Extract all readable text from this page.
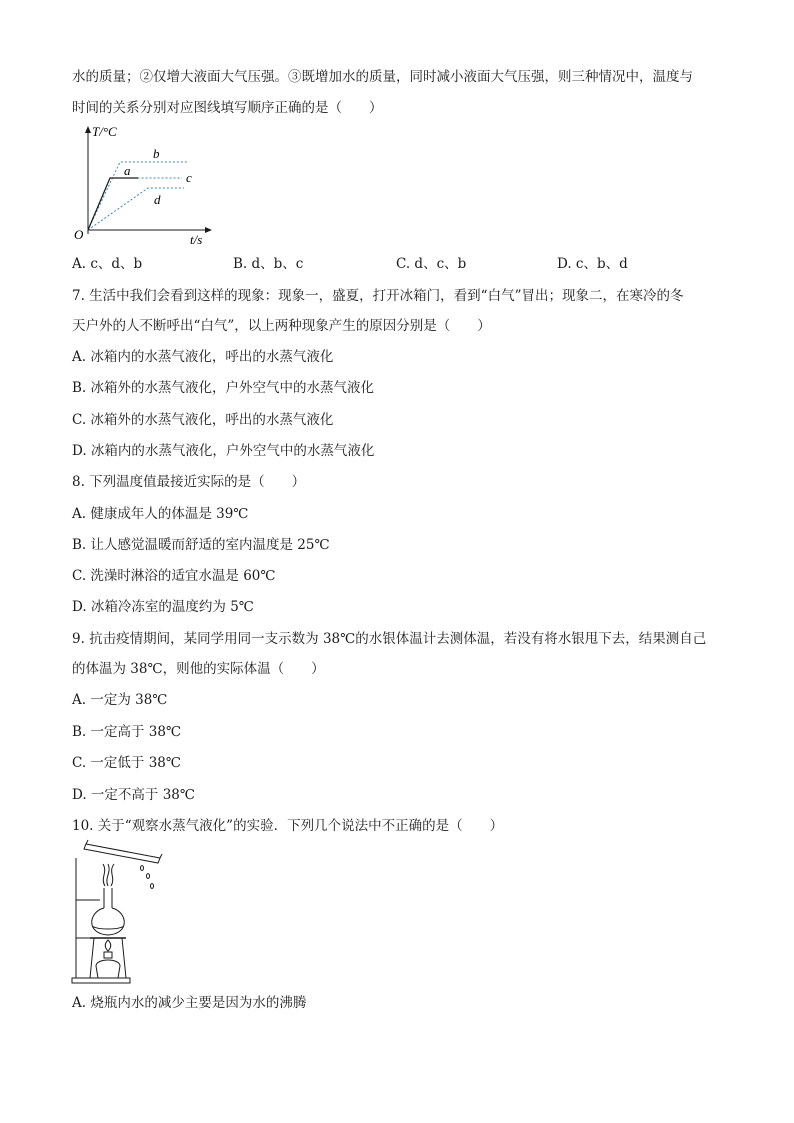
水的质量；②仅增大液面大气压强。③既增加水的质量，同时减小液面大气压强，则三种情况中，温度与
时间的关系分别对应图线填写顺序正确的是（　　）
T/°C
t/s
O
a
b
c
d
A. c、d、b	B. d、b、c	C. d、c、b	D. c、b、d
7. 生活中我们会看到这样的现象：现象一，盛夏，打开冰箱门，看到“白气”冒出；现象二，在寒冷的冬
天户外的人不断呼出“白气”，以上两种现象产生的原因分别是（　　）
A. 冰箱内的水蒸气液化，呼出的水蒸气液化
B. 冰箱外的水蒸气液化，户外空气中的水蒸气液化
C. 冰箱外的水蒸气液化，呼出的水蒸气液化
D. 冰箱内的水蒸气液化，户外空气中的水蒸气液化
8. 下列温度值最接近实际的是（　　）
A. 健康成年人的体温是 39℃
B. 让人感觉温暖而舒适的室内温度是 25℃
C. 洗澡时淋浴的适宜水温是 60℃
D. 冰箱冷冻室的温度约为 5℃
9. 抗击疫情期间，某同学用同一支示数为 38℃的水银体温计去测体温，若没有将水银甩下去，结果测自己
的体温为 38℃，则他的实际体温（　　）
A. 一定为 38℃
B. 一定高于 38℃
C. 一定低于 38℃
D. 一定不高于 38℃
10. 关于“观察水蒸气液化”的实验．下列几个说法中不正确的是（　　）
A. 烧瓶内水的减少主要是因为水的沸腾
